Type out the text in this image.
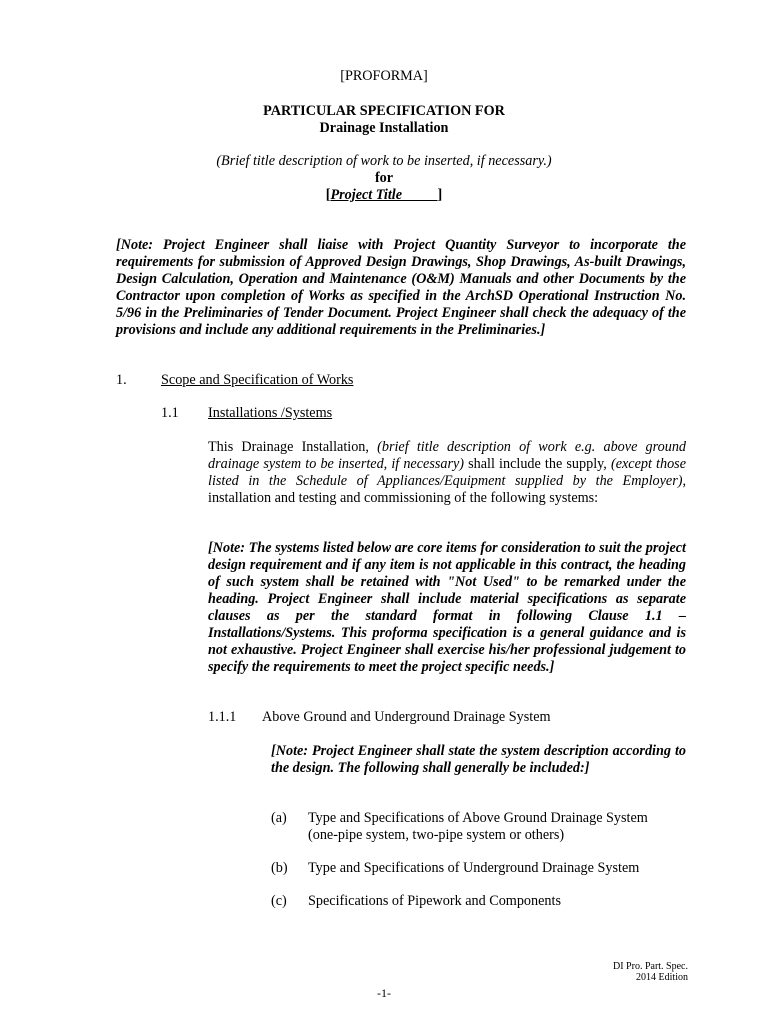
[PROFORMA]
PARTICULAR SPECIFICATION FOR
Drainage Installation
(Brief title description of work to be inserted, if necessary.)
for
[Project Title          ]
[Note: Project Engineer shall liaise with Project Quantity Surveyor to incorporate the requirements for submission of Approved Design Drawings, Shop Drawings, As-built Drawings, Design Calculation, Operation and Maintenance (O&M) Manuals and other Documents by the Contractor upon completion of Works as specified in the ArchSD Operational Instruction No. 5/96 in the Preliminaries of Tender Document. Project Engineer shall check the adequacy of the provisions and include any additional requirements in the Preliminaries.]
1. Scope and Specification of Works
1.1 Installations /Systems
This Drainage Installation, (brief title description of work e.g. above ground drainage system to be inserted, if necessary) shall include the supply, (except those listed in the Schedule of Appliances/Equipment supplied by the Employer), installation and testing and commissioning of the following systems:
[Note: The systems listed below are core items for consideration to suit the project design requirement and if any item is not applicable in this contract, the heading of such system shall be retained with "Not Used" to be remarked under the heading. Project Engineer shall include material specifications as separate clauses as per the standard format in following Clause 1.1 – Installations/Systems. This proforma specification is a general guidance and is not exhaustive. Project Engineer shall exercise his/her professional judgement to specify the requirements to meet the project specific needs.]
1.1.1 Above Ground and Underground Drainage System
[Note: Project Engineer shall state the system description according to the design. The following shall generally be included:]
(a) Type and Specifications of Above Ground Drainage System
(one-pipe system, two-pipe system or others)
(b) Type and Specifications of Underground Drainage System
(c) Specifications of Pipework and Components
DI Pro. Part. Spec.
2014 Edition
-1-
